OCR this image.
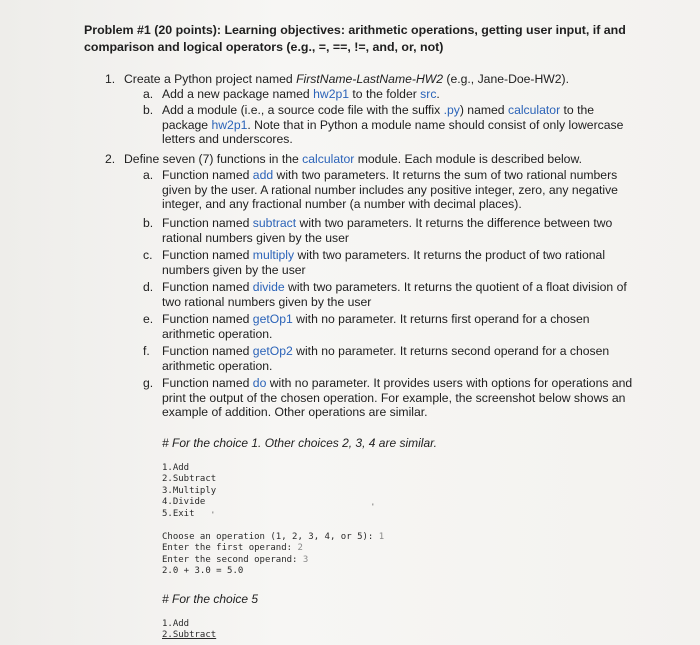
Problem #1 (20 points): Learning objectives: arithmetic operations, getting user input, if and
comparison and logical operators (e.g., =, ==, !=, and, or, not)
1. Create a Python project named FirstName-LastName-HW2 (e.g., Jane-Doe-HW2).
a. Add a new package named hw2p1 to the folder src.
b. Add a module (i.e., a source code file with the suffix .py) named calculator to the
package hw2p1. Note that in Python a module name should consist of only lowercase
letters and underscores.
2. Define seven (7) functions in the calculator module. Each module is described below.
a. Function named add with two parameters. It returns the sum of two rational numbers
given by the user. A rational number includes any positive integer, zero, any negative
integer, and any fractional number (a number with decimal places).
b. Function named subtract with two parameters. It returns the difference between two
rational numbers given by the user
c. Function named multiply with two parameters. It returns the product of two rational
numbers given by the user
d. Function named divide with two parameters. It returns the quotient of a float division of
two rational numbers given by the user
e. Function named getOp1 with no parameter. It returns first operand for a chosen
arithmetic operation.
f. Function named getOp2 with no parameter. It returns second operand for a chosen
arithmetic operation.
g. Function named do with no parameter. It provides users with options for operations and
print the output of the chosen operation. For example, the screenshot below shows an
example of addition. Other operations are similar.
# For the choice 1. Other choices 2, 3, 4 are similar.
1.Add
2.Subtract
3.Multiply
4.Divide
5.Exit	'
'
Choose an operation (1, 2, 3, 4, or 5): 1
Enter the first operand: 2
Enter the second operand: 3
2.0 + 3.0 = 5.0
# For the choice 5
1.Add
2.Subtract
